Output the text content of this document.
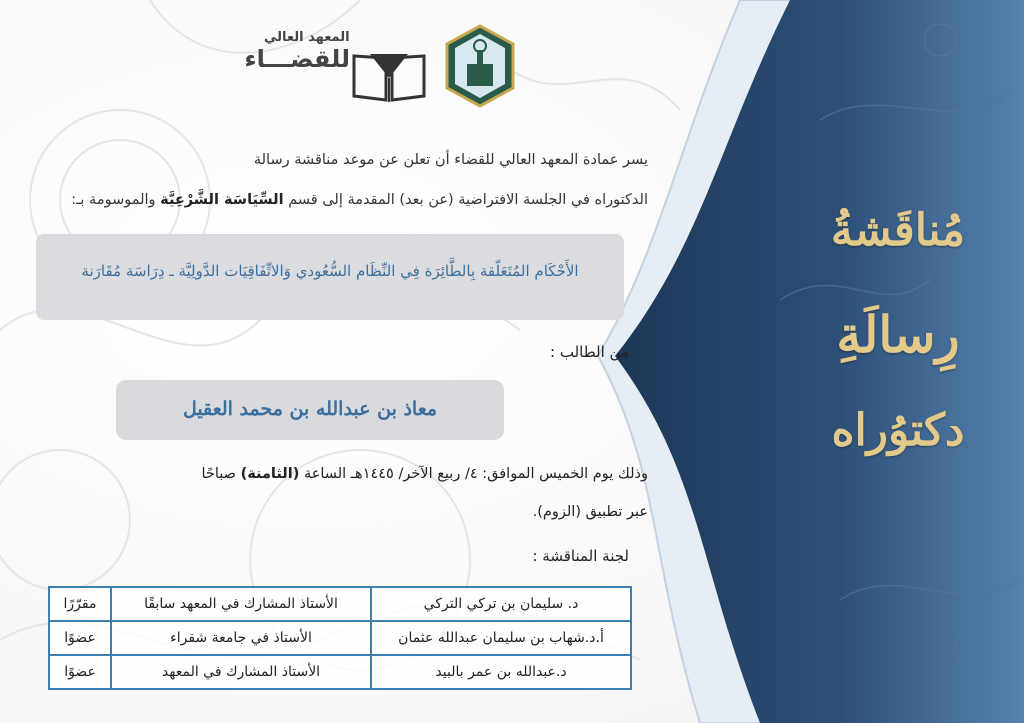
مُناقَشةُ
رِسالَةِ
دكتوُراه
المعهد العالي
للقضـــاء
يسر عمادة المعهد العالي للقضاء أن تعلن عن موعد مناقشة رسالة
الدكتوراه في الجلسة الافتراضية (عن بعد) المقدمة إلى قسم السِّيَاسَة الشَّرْعِيَّة والموسومة بـ:
الأَحْكَام المُتَعَلّقة بِالطَّائِرَة فِي النِّظَام السُّعُودي وَالاتِّفَاقِيَات الدَّولِيَّة ـ دِرَاسَة مُقَارَنة
من الطالب :
معاذ بن عبدالله بن محمد العقيل
وذلك يوم الخميس الموافق: ٤/ ربيع الآخر/ ١٤٤٥هـ الساعة (الثامنة) صباحًا
عبر تطبيق (الزوم).
لجنة المناقشة :
د. سليمان بن تركي التركي	الأستاذ المشارك في المعهد سابقًا	مقرّرًا
أ.د.شهاب بن سليمان عبدالله عثمان	الأستاذ في جامعة شقراء	عضوًا
د.عبدالله بن عمر بالبيد	الأستاذ المشارك في المعهد	عضوًا
